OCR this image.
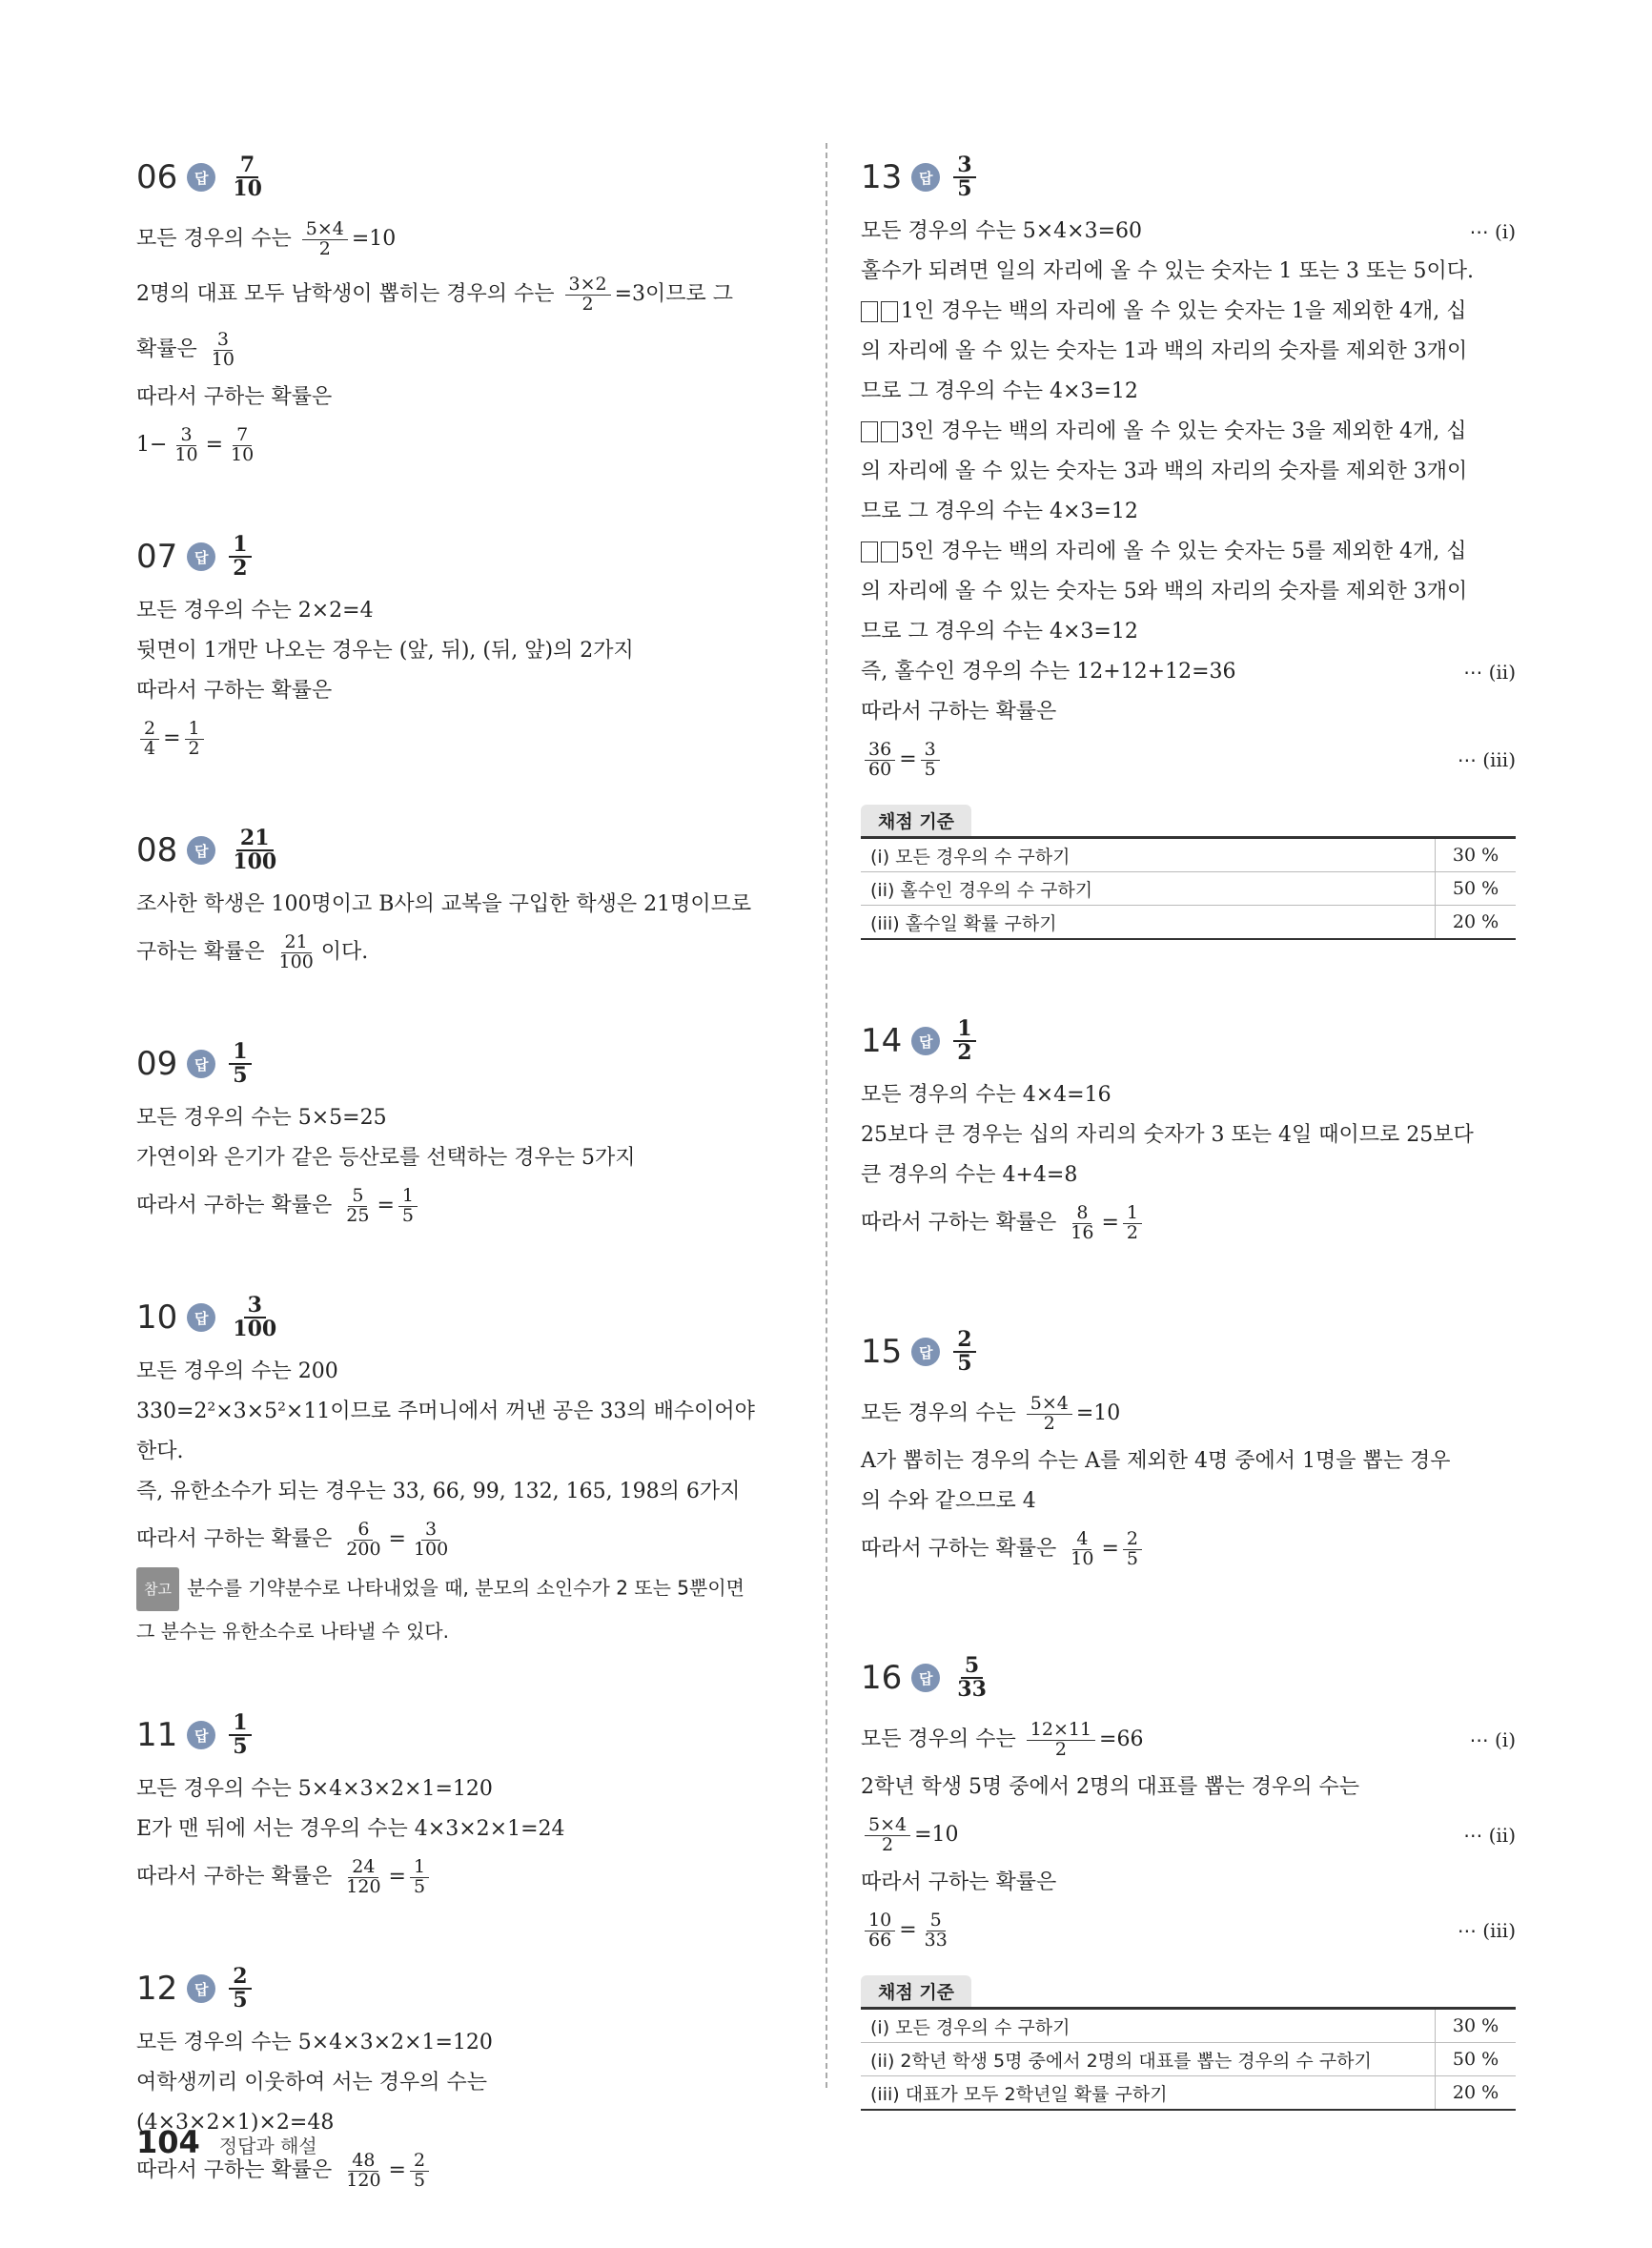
06	답 $\frac{7}{10}$
모든 경우의 수는
$\frac{5\times 4}{2} =10$
2명의 대표 모두 남학생이 뽑히는 경우의 수는
$\frac{3\times 2}{2} =3$이므로 그
확률은
$\frac{3}{10}$
따라서 구하는 확률은
$1- \frac{3}{10} = \frac{7}{10}$
07	답 $\frac{1}{2}$
모든 경우의 수는 2×2=4
뒷면이 1개만 나오는 경우는 (앞, 뒤), (뒤, 앞)의 2가지
따라서 구하는 확률은
$\frac{2}{4} = \frac{1}{2}$
08	답 $\frac{21}{100}$
조사한 학생은 100명이고 B사의 교복을 구입한 학생은 21명이므로
구하는 확률은
$\frac{21}{100}$ 이다.
09	답 $\frac{1}{5}$
모든 경우의 수는 5×5=25
가연이와 은기가 같은 등산로를 선택하는 경우는 5가지
따라서 구하는 확률은
$\frac{5}{25} = \frac{1}{5}$
10	답 $\frac{3}{100}$
모든 경우의 수는 200
330=2²×3×5²×11이므로 주머니에서 꺼낸 공은 33의 배수이어야
한다.
즉, 유한소수가 되는 경우는 33, 66, 99, 132, 165, 198의 6가지
따라서 구하는 확률은
$\frac{6}{200} = \frac{3}{100}$
참고 분수를 기약분수로 나타내었을 때, 분모의 소인수가 2 또는 5뿐이면
그 분수는 유한소수로 나타낼 수 있다.
11	답 $\frac{1}{5}$
모든 경우의 수는 5×4×3×2×1=120
E가 맨 뒤에 서는 경우의 수는 4×3×2×1=24
따라서 구하는 확률은
$\frac{24}{120} = \frac{1}{5}$
12	답 $\frac{2}{5}$
모든 경우의 수는 5×4×3×2×1=120
여학생끼리 이웃하여 서는 경우의 수는
(4×3×2×1)×2=48
따라서 구하는 확률은
$\frac{48}{120} = \frac{2}{5}$
13	답 $\frac{3}{5}$
모든 경우의 수는 5×4×3=60	⋯ (i)
홀수가 되려면 일의 자리에 올 수 있는 숫자는 1 또는 3 또는 5이다.
1인 경우는 백의 자리에 올 수 있는 숫자는 1을 제외한 4개, 십
의 자리에 올 수 있는 숫자는 1과 백의 자리의 숫자를 제외한 3개이
므로 그 경우의 수는 4×3=12
3인 경우는 백의 자리에 올 수 있는 숫자는 3을 제외한 4개, 십
의 자리에 올 수 있는 숫자는 3과 백의 자리의 숫자를 제외한 3개이
므로 그 경우의 수는 4×3=12
5인 경우는 백의 자리에 올 수 있는 숫자는 5를 제외한 4개, 십
의 자리에 올 수 있는 숫자는 5와 백의 자리의 숫자를 제외한 3개이
므로 그 경우의 수는 4×3=12
즉, 홀수인 경우의 수는 12+12+12=36	⋯ (ii)
따라서 구하는 확률은
$\frac{36}{60} = \frac{3}{5}$	⋯ (iii)
채점 기준
(i) 모든 경우의 수 구하기	30 %
(ii) 홀수인 경우의 수 구하기	50 %
(iii) 홀수일 확률 구하기	20 %
14	답 $\frac{1}{2}$
모든 경우의 수는 4×4=16
25보다 큰 경우는 십의 자리의 숫자가 3 또는 4일 때이므로 25보다
큰 경우의 수는 4+4=8
따라서 구하는 확률은
$\frac{8}{16} = \frac{1}{2}$
15	답 $\frac{2}{5}$
모든 경우의 수는
$\frac{5\times 4}{2} =10$
A가 뽑히는 경우의 수는 A를 제외한 4명 중에서 1명을 뽑는 경우
의 수와 같으므로 4
따라서 구하는 확률은
$\frac{4}{10} = \frac{2}{5}$
16	답 $\frac{5}{33}$
모든 경우의 수는
$\frac{12\times 11}{2} =66$	⋯ (i)
2학년 학생 5명 중에서 2명의 대표를 뽑는 경우의 수는
$\frac{5\times 4}{2} =10$	⋯ (ii)
따라서 구하는 확률은
$\frac{10}{66} = \frac{5}{33}$	⋯ (iii)
채점 기준
(i) 모든 경우의 수 구하기	30 %
(ii) 2학년 학생 5명 중에서 2명의 대표를 뽑는 경우의 수 구하기	50 %
(iii) 대표가 모두 2학년일 확률 구하기	20 %
104 정답과 해설
